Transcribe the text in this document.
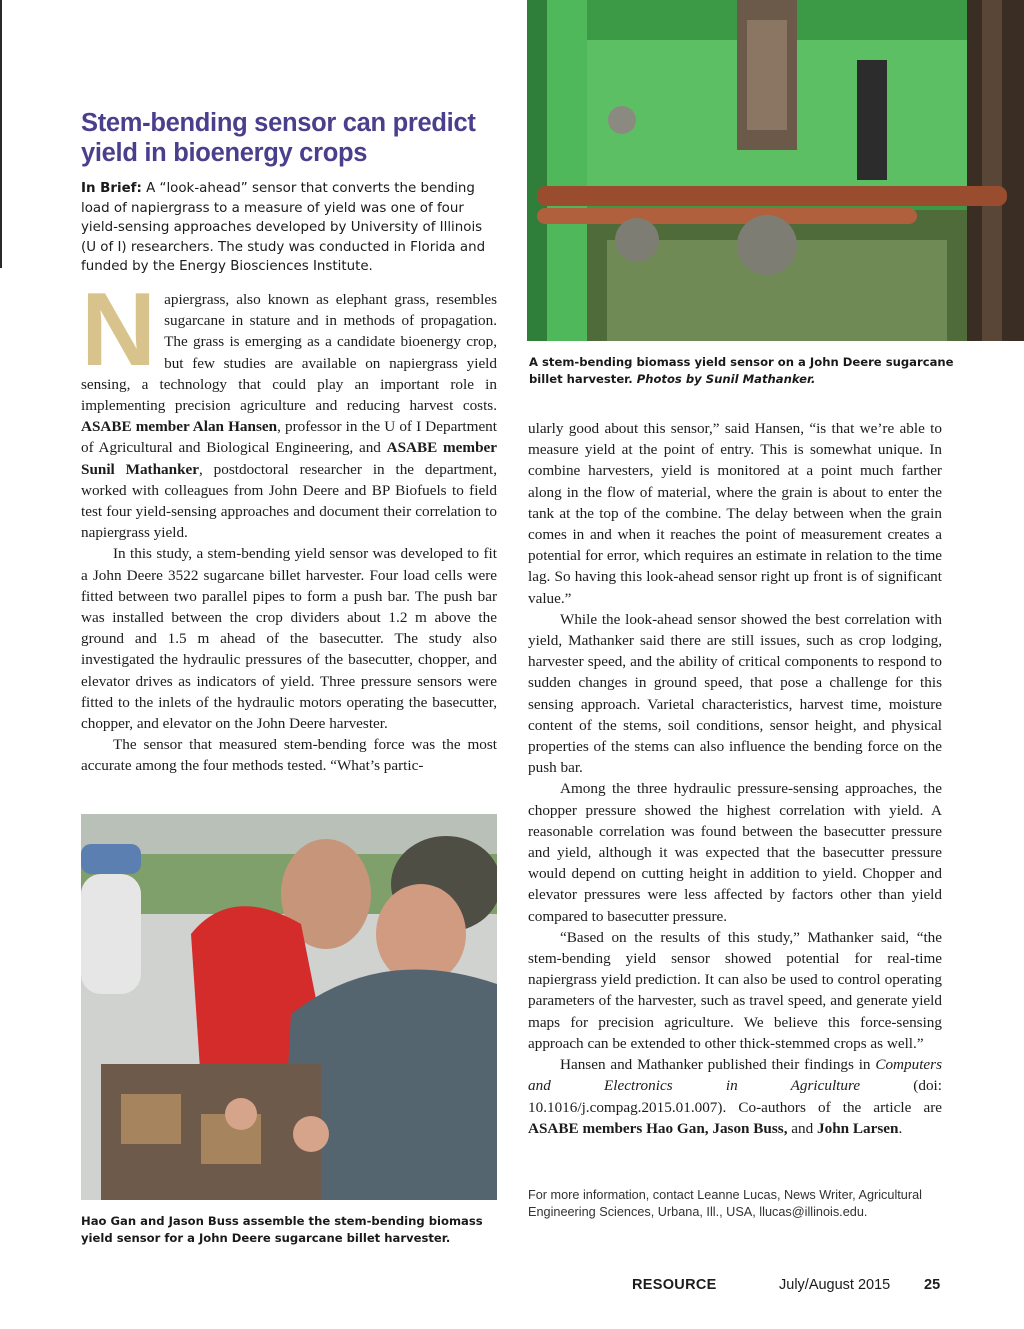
Stem-bending sensor can predict yield in bioenergy crops

In Brief: A “look-ahead” sensor that converts the bending load of napiergrass to a measure of yield was one of four yield-sensing approaches developed by University of Illinois (U of I) researchers. The study was conducted in Florida and funded by the Energy Biosciences Institute.

A stem-bending biomass yield sensor on a John Deere sugarcane billet harvester. Photos by Sunil Mathanker.

Napiergrass, also known as elephant grass, resembles sugarcane in stature and in methods of propagation. The grass is emerging as a candidate bioenergy crop, but few studies are available on napiergrass yield sensing, a technology that could play an important role in implementing precision agriculture and reducing harvest costs. ASABE member Alan Hansen, professor in the U of I Department of Agricultural and Biological Engineering, and ASABE member Sunil Mathanker, postdoctoral researcher in the department, worked with colleagues from John Deere and BP Biofuels to field test four yield-sensing approaches and document their correlation to napiergrass yield.

In this study, a stem-bending yield sensor was developed to fit a John Deere 3522 sugarcane billet harvester. Four load cells were fitted between two parallel pipes to form a push bar. The push bar was installed between the crop dividers about 1.2 m above the ground and 1.5 m ahead of the basecutter. The study also investigated the hydraulic pressures of the basecutter, chopper, and elevator drives as indicators of yield. Three pressure sensors were fitted to the inlets of the hydraulic motors operating the basecutter, chopper, and elevator on the John Deere harvester.

The sensor that measured stem-bending force was the most accurate among the four methods tested. “What’s partic-

Hao Gan and Jason Buss assemble the stem-bending biomass yield sensor for a John Deere sugarcane billet harvester.

ularly good about this sensor,” said Hansen, “is that we’re able to measure yield at the point of entry. This is somewhat unique. In combine harvesters, yield is monitored at a point much farther along in the flow of material, where the grain is about to enter the tank at the top of the combine. The delay between when the grain comes in and when it reaches the point of measurement creates a potential for error, which requires an estimate in relation to the time lag. So having this look-ahead sensor right up front is of significant value.”

While the look-ahead sensor showed the best correlation with yield, Mathanker said there are still issues, such as crop lodging, harvester speed, and the ability of critical components to respond to sudden changes in ground speed, that pose a challenge for this sensing approach. Varietal characteristics, harvest time, moisture content of the stems, soil conditions, sensor height, and physical properties of the stems can also influence the bending force on the push bar.

Among the three hydraulic pressure-sensing approaches, the chopper pressure showed the highest correlation with yield. A reasonable correlation was found between the basecutter pressure and yield, although it was expected that the basecutter pressure would depend on cutting height in addition to yield. Chopper and elevator pressures were less affected by factors other than yield compared to basecutter pressure.

“Based on the results of this study,” Mathanker said, “the stem-bending yield sensor showed potential for real-time napiergrass yield prediction. It can also be used to control operating parameters of the harvester, such as travel speed, and generate yield maps for precision agriculture. We believe this force-sensing approach can be extended to other thick-stemmed crops as well.”

Hansen and Mathanker published their findings in Computers and Electronics in Agriculture (doi: 10.1016/j.compag.2015.01.007). Co-authors of the article are ASABE members Hao Gan, Jason Buss, and John Larsen.

For more information, contact Leanne Lucas, News Writer, Agricultural Engineering Sciences, Urbana, Ill., USA, llucas@illinois.edu.

RESOURCE	July/August 2015 25
